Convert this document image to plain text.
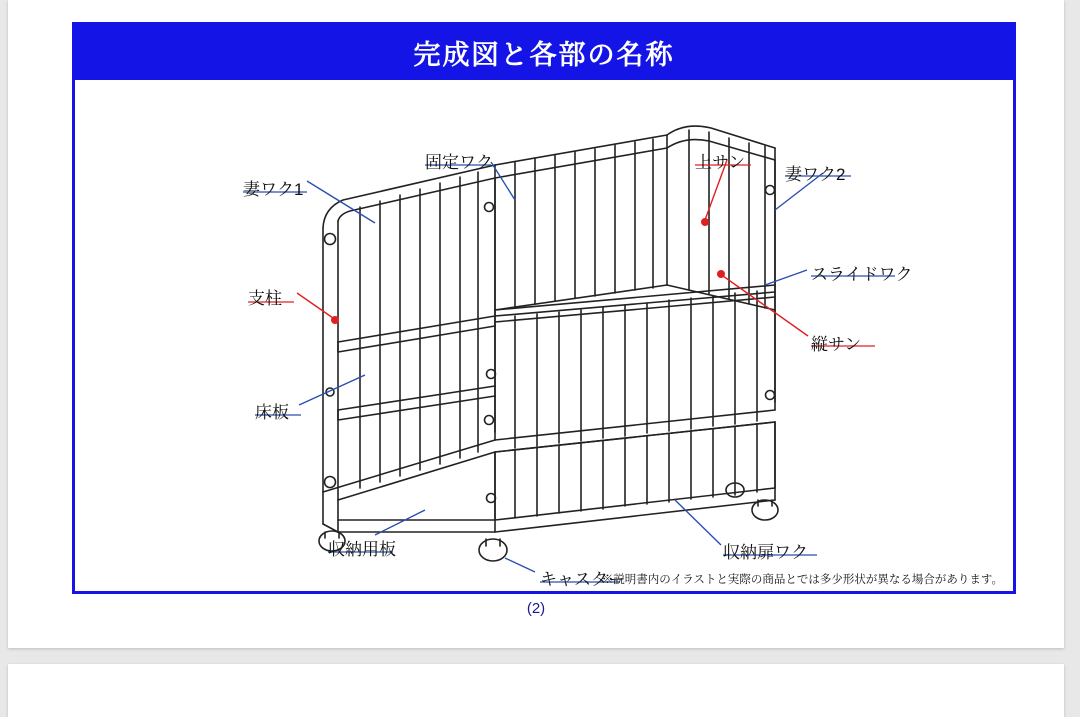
完成図と各部の名称
妻ワク1
固定ワク	上サン
妻ワク2
スライドワク
支柱
縦サン
床板
収納用板
キャスター
収納扉ワク
※説明書内のイラストと実際の商品とでは多少形状が異なる場合があります。
(2)
